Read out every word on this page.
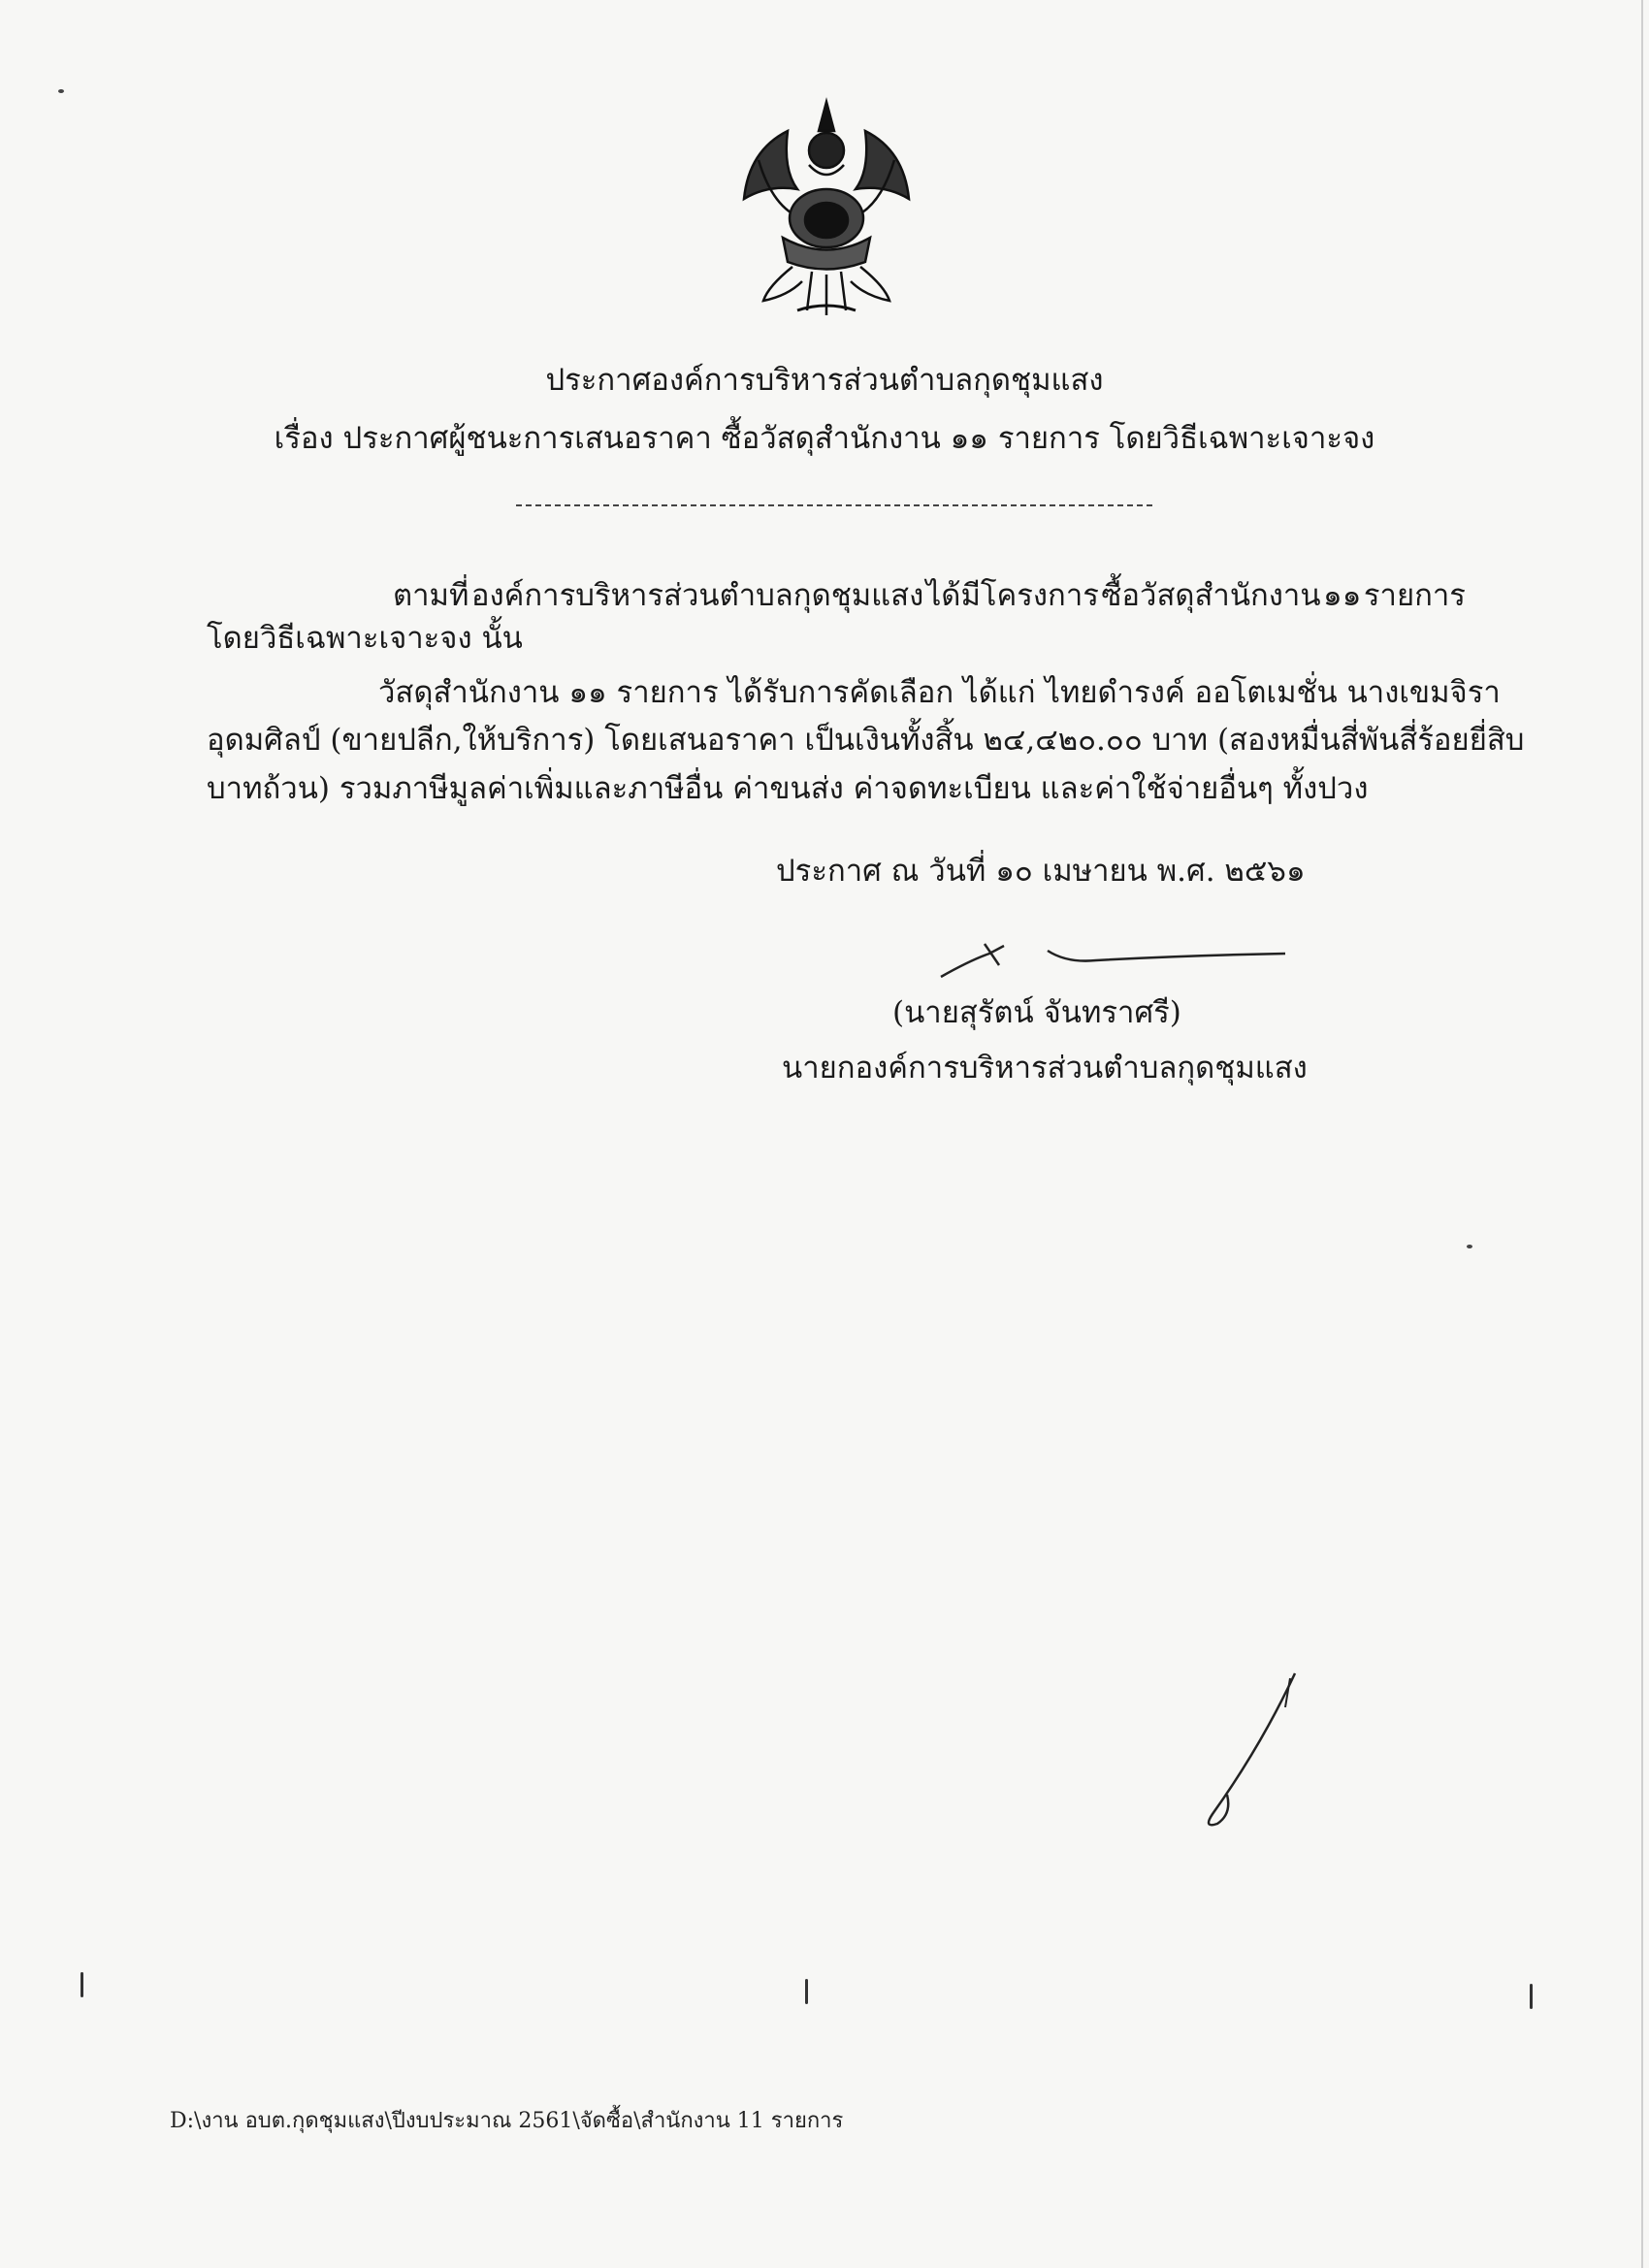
ประกาศองค์การบริหารส่วนตำบลกุดชุมแสง
เรื่อง ประกาศผู้ชนะการเสนอราคา ซื้อวัสดุสำนักงาน ๑๑ รายการ โดยวิธีเฉพาะเจาะจง
ตามที่ องค์การบริหารส่วนตำบลกุดชุมแสง ได้มีโครงการ ซื้อวัสดุสำนักงาน ๑๑ รายการ
โดยวิธีเฉพาะเจาะจง นั้น
วัสดุสำนักงาน ๑๑ รายการ ได้รับการคัดเลือก ได้แก่ ไทยดำรงค์ ออโตเมชั่น นางเขมจิรา
อุดมศิลป์ (ขายปลีก,ให้บริการ) โดยเสนอราคา เป็นเงินทั้งสิ้น ๒๔,๔๒๐.๐๐ บาท (สองหมื่นสี่พันสี่ร้อยยี่สิบ
บาทถ้วน) รวมภาษีมูลค่าเพิ่มและภาษีอื่น ค่าขนส่ง ค่าจดทะเบียน และค่าใช้จ่ายอื่นๆ ทั้งปวง
ประกาศ ณ วันที่ ๑๐ เมษายน พ.ศ. ๒๕๖๑
(นายสุรัตน์ จันทราศรี)
นายกองค์การบริหารส่วนตำบลกุดชุมแสง
D:\งาน อบต.กุดชุมแสง\ปีงบประมาณ 2561\จัดซื้อ\สำนักงาน 11 รายการ
